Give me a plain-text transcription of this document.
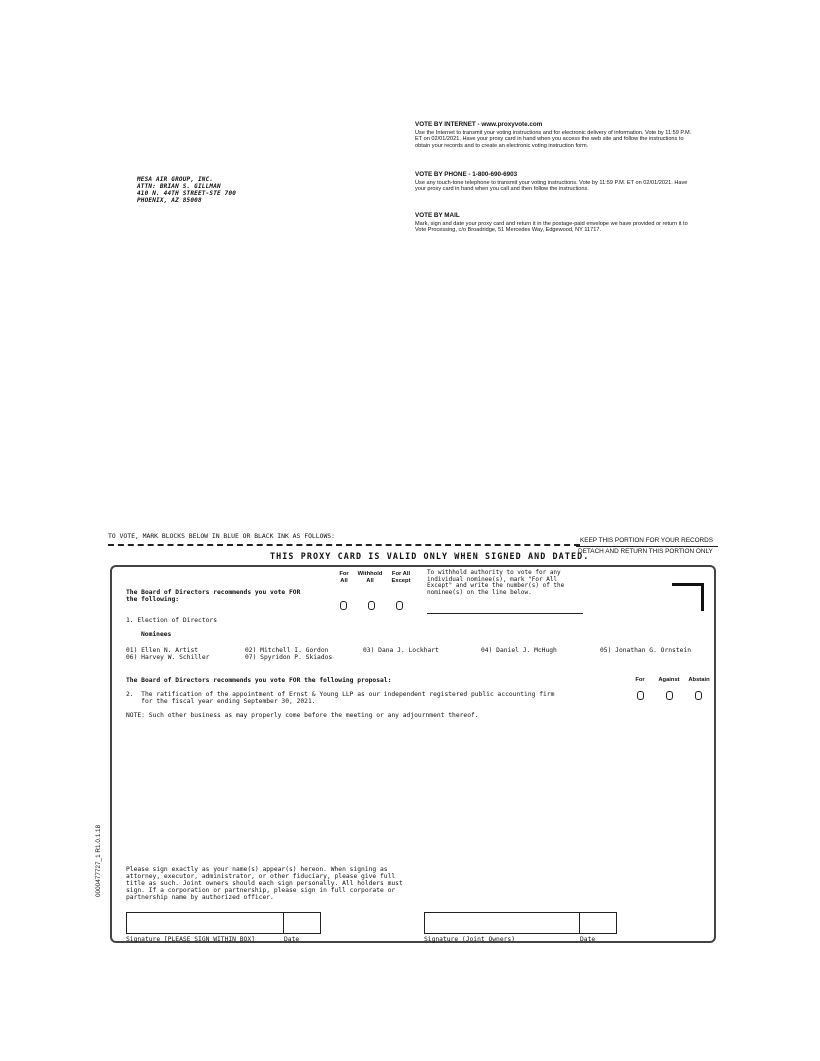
MESA AIR GROUP, INC.
ATTN: BRIAN S. GILLMAN
410 N. 44TH STREET-STE 700
PHOENIX, AZ 85008
VOTE BY INTERNET - www.proxyvote.com
Use the Internet to transmit your voting instructions and for electronic delivery of information. Vote by 11:59 P.M. ET on 02/01/2021. Have your proxy card in hand when you access the web site and follow the instructions to obtain your records and to create an electronic voting instruction form.
VOTE BY PHONE - 1-800-690-6903
Use any touch-tone telephone to transmit your voting instructions. Vote by 11:59 P.M. ET on 02/01/2021. Have your proxy card in hand when you call and then follow the instructions.
VOTE BY MAIL
Mark, sign and date your proxy card and return it in the postage-paid envelope we have provided or return it to Vote Processing, c/o Broadridge, 51 Mercedes Way, Edgewood, NY 11717.
TO VOTE, MARK BLOCKS BELOW IN BLUE OR BLACK INK AS FOLLOWS:
KEEP THIS PORTION FOR YOUR RECORDS
DETACH AND RETURN THIS PORTION ONLY
THIS PROXY CARD IS VALID ONLY WHEN SIGNED AND DATED.
0000477727_1 R1.0.1.18
The Board of Directors recommends you vote FOR
the following:
For
All
Withhold
All
For All
Except
To withhold authority to vote for any
individual nominee(s), mark "For All
Except" and write the number(s) of the
nominee(s) on the line below.
1. Election of Directors
Nominees
01) Ellen N. Artist	02) Mitchell I. Gordon	03) Dana J. Lockhart	04) Daniel J. McHugh	05) Jonathan G. Ornstein
06) Harvey W. Schiller	07) Spyridon P. Skiados
The Board of Directors recommends you vote FOR the following proposal:	For	Against	Abstain
2.  The ratification of the appointment of Ernst & Young LLP as our independent registered public accounting firm
for the fiscal year ending September 30, 2021.
NOTE: Such other business as may properly come before the meeting or any adjournment thereof.
Please sign exactly as your name(s) appear(s) hereon. When signing as
attorney, executor, administrator, or other fiduciary, please give full
title as such. Joint owners should each sign personally. All holders must
sign. If a corporation or partnership, please sign in full corporate or
partnership name by authorized officer.
Signature [PLEASE SIGN WITHIN BOX]	Date	Signature (Joint Owners)	Date
